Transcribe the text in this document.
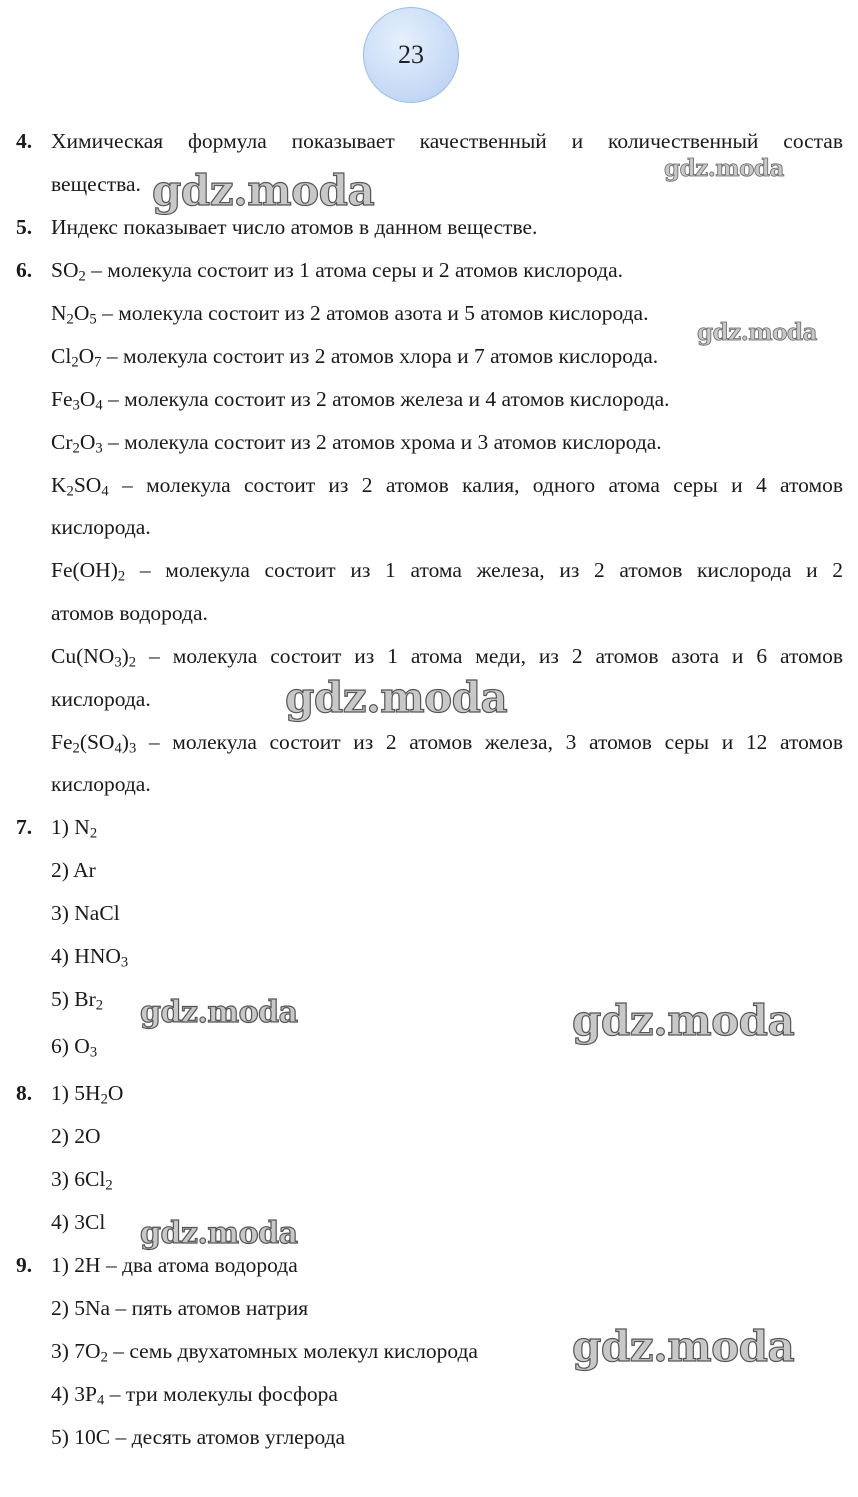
23
4. Химическая формула показывает качественный и количественный состав
вещества.
5. Индекс показывает число атомов в данном веществе.
6. $SO_2$ – молекула состоит из 1 атома серы и 2 атомов кислорода.
$N_2O_5$ – молекула состоит из 2 атомов азота и 5 атомов кислорода.
$Cl_2O_7$ – молекула состоит из 2 атомов хлора и 7 атомов кислорода.
$Fe_3O_4$ – молекула состоит из 2 атомов железа и 4 атомов кислорода.
$Cr_2O_3$ – молекула состоит из 2 атомов хрома и 3 атомов кислорода.
$K_2SO_4$ – молекула состоит из 2 атомов калия, одного атома серы и 4 атомов
кислорода.
$Fe(OH)_2$ – молекула состоит из 1 атома железа, из 2 атомов кислорода и 2
атомов водорода.
$Cu(NO_3)_2$ – молекула состоит из 1 атома меди, из 2 атомов азота и 6 атомов
кислорода.
$Fe_2(SO_4)_3$ – молекула состоит из 2 атомов железа, 3 атомов серы и 12 атомов
кислорода.
7. 1) $N_2$
2) Ar
3) NaCl
4) $HNO_3$
5) $Br_2$
6) $O_3$
8. 1) $5H_2O$
2) 2O
3) $6Cl_2$
4) 3Cl
9. 1) 2H – два атома водорода
2) 5Na – пять атомов натрия
3) $7O_2$ – семь двухатомных молекул кислорода
4) $3P_4$ – три молекулы фосфора
5) 10C – десять атомов углерода
gdz.moda	gdz.moda
gdz.moda
gdz.moda
gdz.moda	gdz.moda
gdz.moda
gdz.moda
